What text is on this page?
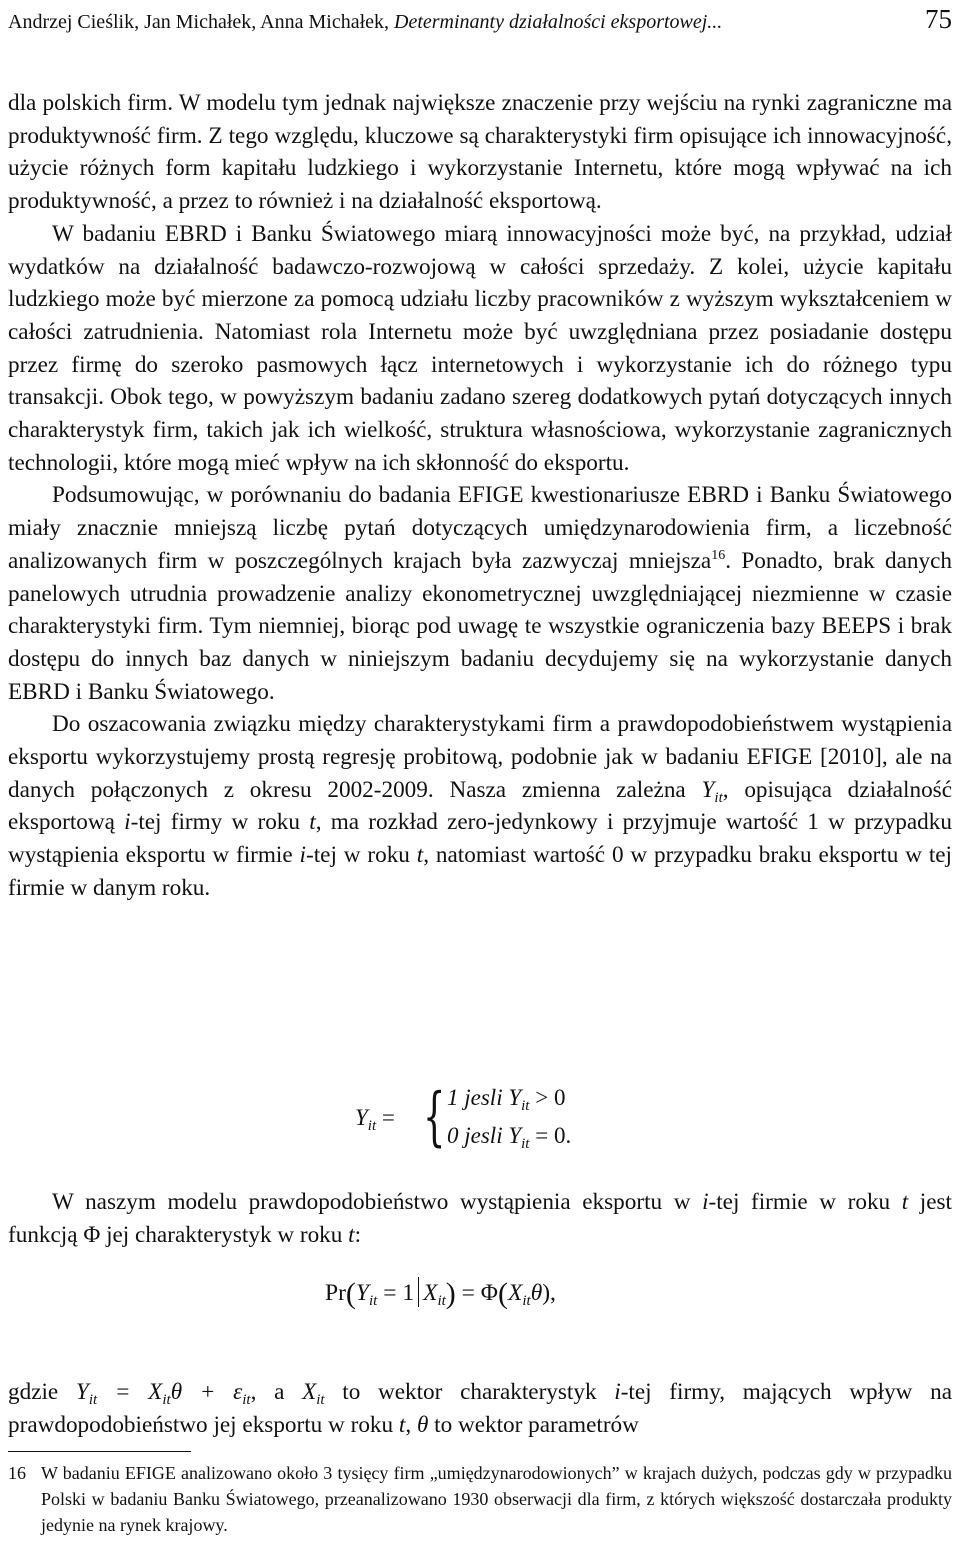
Andrzej Cieślik, Jan Michałek, Anna Michałek, Determinanty działalności eksportowej...	75

dla polskich firm. W modelu tym jednak największe znaczenie przy wejściu na rynki zagraniczne ma produktywność firm. Z tego względu, kluczowe są charakterystyki firm opisujące ich innowacyjność, użycie różnych form kapitału ludzkiego i wykorzystanie Internetu, które mogą wpływać na ich produktywność, a przez to również i na działalność eksportową.

W badaniu EBRD i Banku Światowego miarą innowacyjności może być, na przykład, udział wydatków na działalność badawczo-rozwojową w całości sprzedaży. Z kolei, użycie kapitału ludzkiego może być mierzone za pomocą udziału liczby pracowników z wyższym wykształceniem w całości zatrudnienia. Natomiast rola Internetu może być uwzględniana przez posiadanie dostępu przez firmę do szeroko pasmowych łącz internetowych i wykorzystanie ich do różnego typu transakcji. Obok tego, w powyższym badaniu zadano szereg dodatkowych pytań dotyczących innych charakterystyk firm, takich jak ich wielkość, struktura własnościowa, wykorzystanie zagranicznych technologii, które mogą mieć wpływ na ich skłonność do eksportu.

Podsumowując, w porównaniu do badania EFIGE kwestionariusze EBRD i Banku Światowego miały znacznie mniejszą liczbę pytań dotyczących umiędzynarodowienia firm, a liczebność analizowanych firm w poszczególnych krajach była zazwyczaj mniejsza$^{16}$. Ponadto, brak danych panelowych utrudnia prowadzenie analizy ekonometrycznej uwzględniającej niezmienne w czasie charakterystyki firm. Tym niemniej, biorąc pod uwagę te wszystkie ograniczenia bazy BEEPS i brak dostępu do innych baz danych w niniejszym badaniu decydujemy się na wykorzystanie danych EBRD i Banku Światowego.

Do oszacowania związku między charakterystykami firm a prawdopodobieństwem wystąpienia eksportu wykorzystujemy prostą regresję probitową, podobnie jak w badaniu EFIGE [2010], ale na danych połączonych z okresu 2002-2009. Nasza zmienna zależna $Y_{it}$, opisująca działalność eksportową i-tej firmy w roku t, ma rozkład zero-jedynkowy i przyjmuje wartość 1 w przypadku wystąpienia eksportu w firmie i-tej w roku t, natomiast wartość 0 w przypadku braku eksportu w tej firmie w danym roku.

$Y_{it}$ = { 1 jesli $Y_{it} > 0$
0 jesli $Y_{it} = 0$.

W naszym modelu prawdopodobieństwo wystąpienia eksportu w i-tej firmie w roku t jest funkcją Φ jej charakterystyk w roku t:

$Pr(Y_{it} = 1$ $X_{it}) = \Phi(X_{it}\theta)$,

gdzie $Y_{it} = X_{it}\theta + \varepsilon_{it}$, a $X_{it}$ to wektor charakterystyk i-tej firmy, mających wpływ na prawdopodobieństwo jej eksportu w roku t, θ to wektor parametrów

16 W badaniu EFIGE analizowano około 3 tysięcy firm „umiędzynarodowionych” w krajach dużych, podczas gdy w przypadku Polski w badaniu Banku Światowego, przeanalizowano 1930 obserwacji dla firm, z których większość dostarczała produkty jedynie na rynek krajowy.
